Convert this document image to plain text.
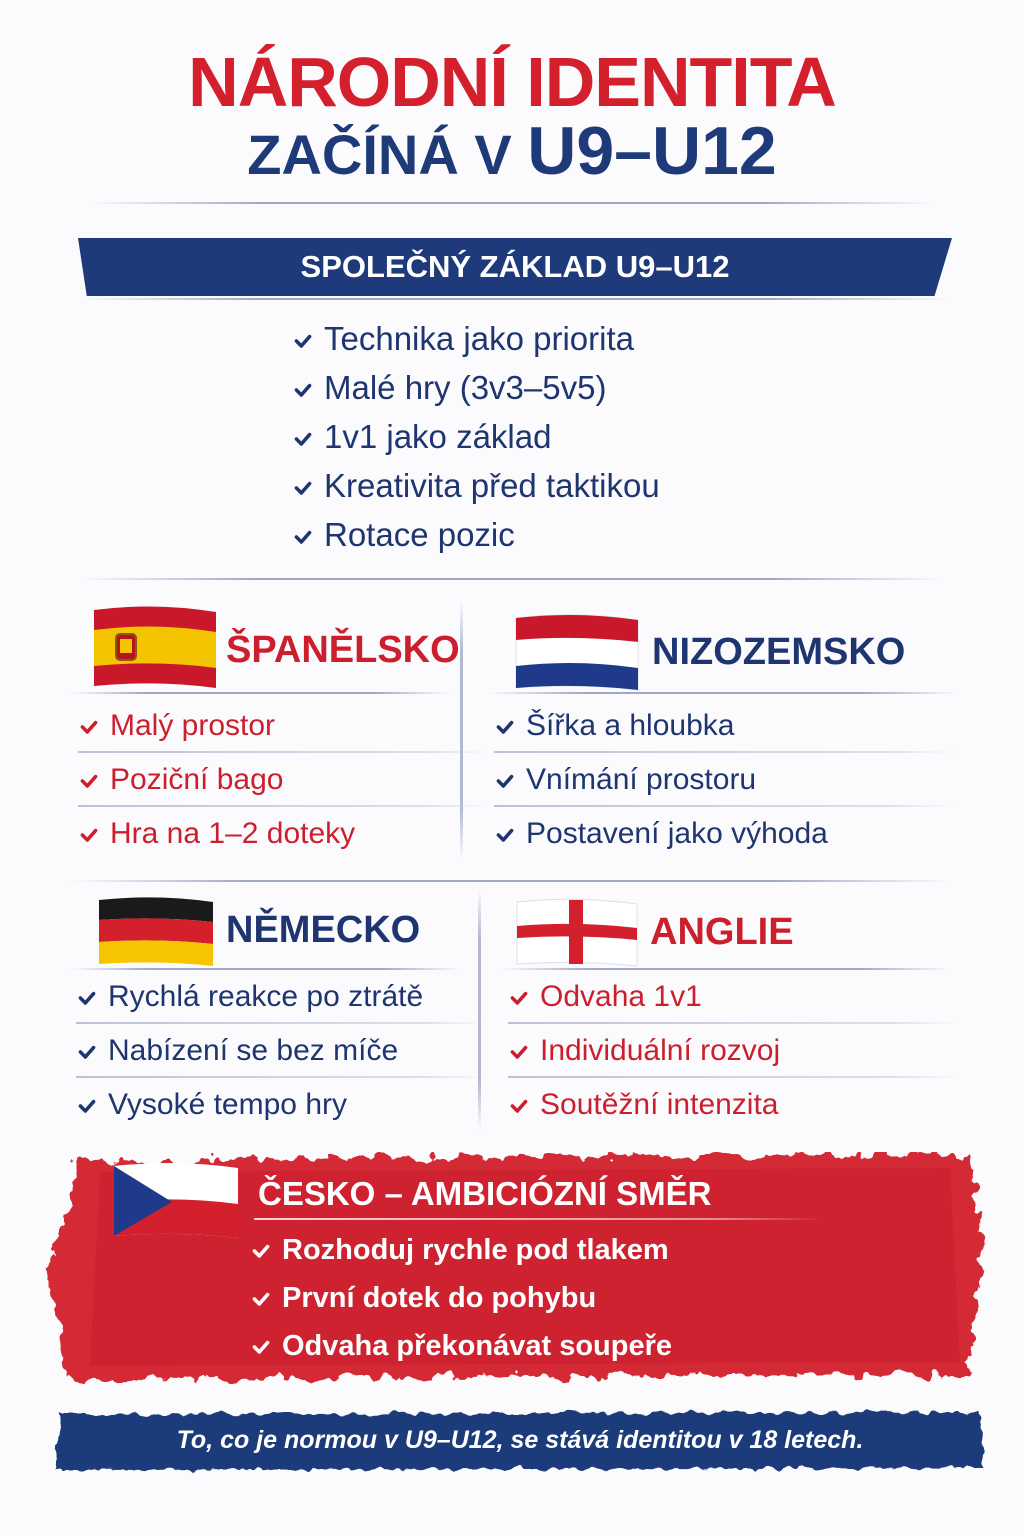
NÁRODNÍ IDENTITA
ZAČÍNÁ V U9–U12
SPOLEČNÝ ZÁKLAD U9–U12
Technika jako priorita
Malé hry (3v3–5v5)
1v1 jako základ
Kreativita před taktikou
Rotace pozic
ŠPANĚLSKO
Malý prostor
Poziční bago
Hra na 1–2 doteky
NIZOZEMSKO
Šířka a hloubka
Vnímání prostoru
Postavení jako výhoda
NĚMECKO
Rychlá reakce po ztrátě
Nabízení se bez míče
Vysoké tempo hry
ANGLIE
Odvaha 1v1
Individuální rozvoj
Soutěžní intenzita
ČESKO – AMBICIÓZNÍ SMĚR
Rozhoduj rychle pod tlakem
První dotek do pohybu
Odvaha překonávat soupeře
To, co je normou v U9–U12, se stává identitou v 18 letech.
